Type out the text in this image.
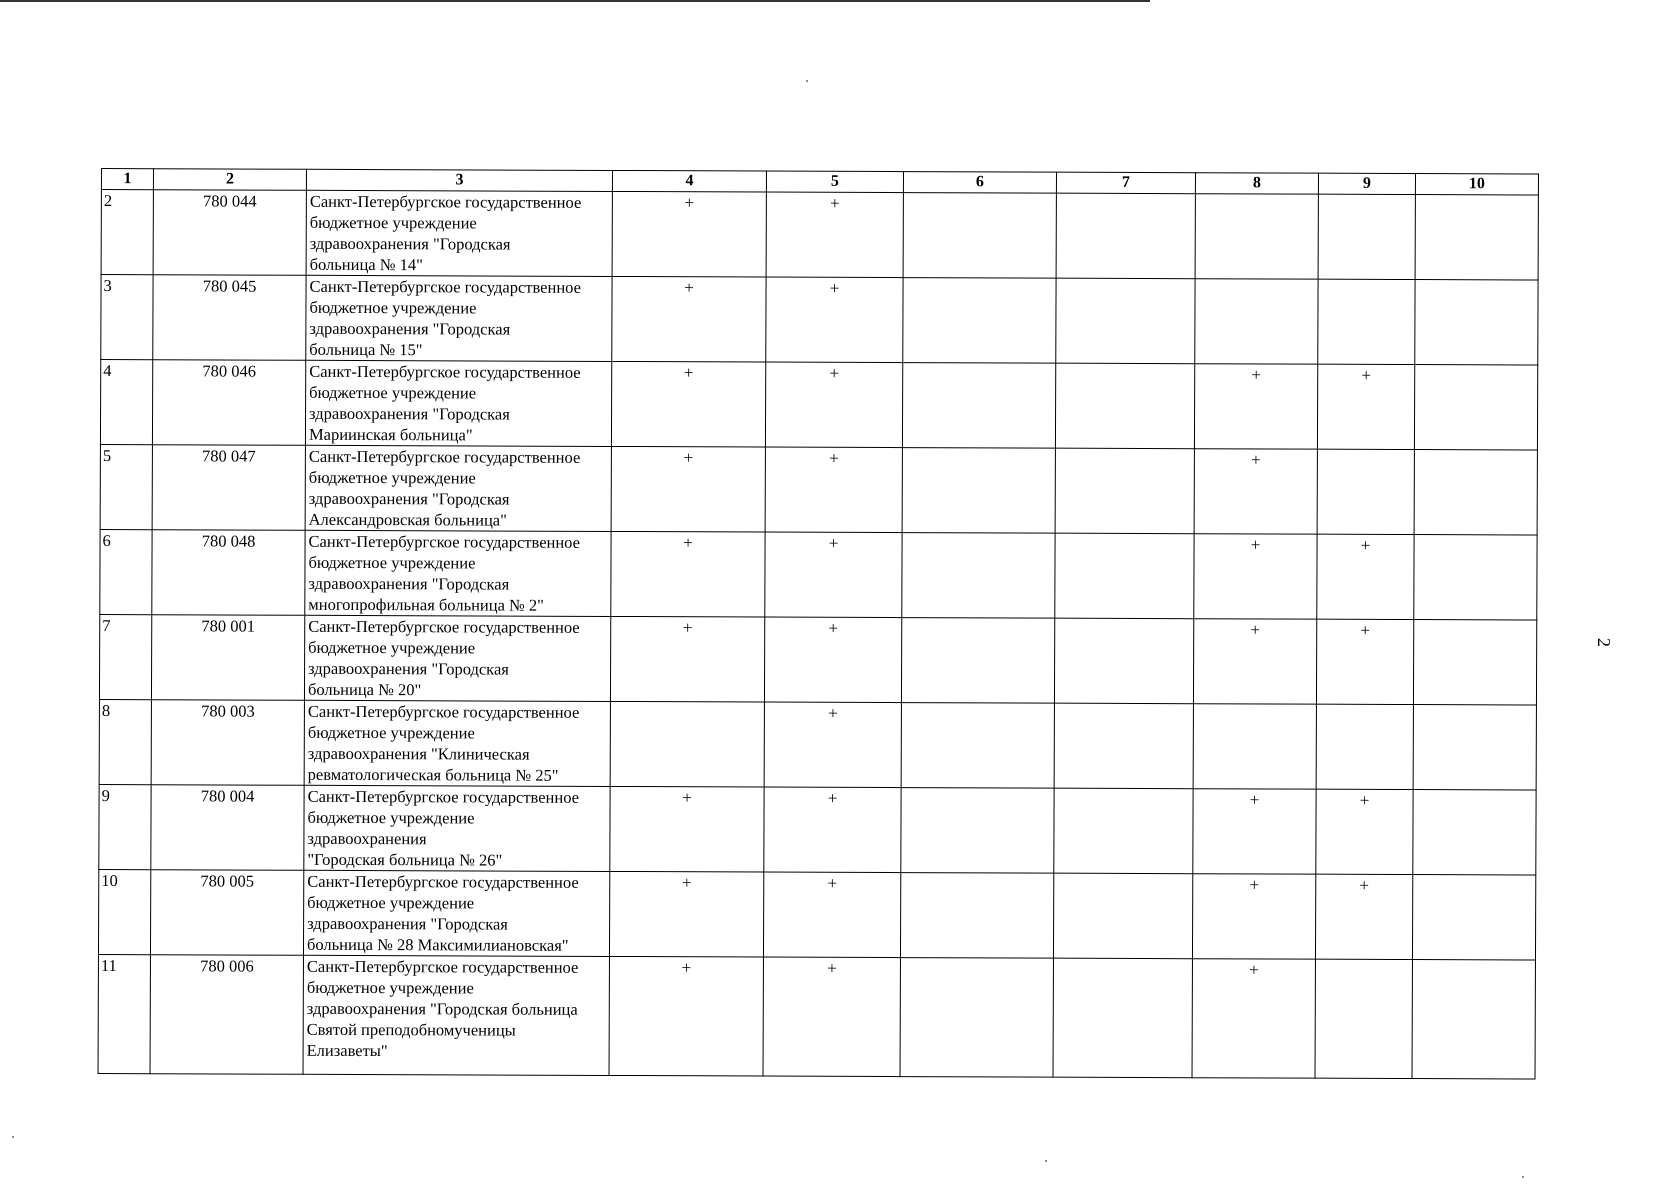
1	2	3	4	5	6	7	8	9	10
2	780 044	Санкт-Петербургское государственное
бюджетное учреждение
здравоохранения "Городская
больница № 14"	+	+					
3	780 045	Санкт-Петербургское государственное
бюджетное учреждение
здравоохранения "Городская
больница № 15"	+	+					
4	780 046	Санкт-Петербургское государственное
бюджетное учреждение
здравоохранения "Городская
Мариинская больница"	+	+			+	+	
5	780 047	Санкт-Петербургское государственное
бюджетное учреждение
здравоохранения "Городская
Александровская больница"	+	+			+		
6	780 048	Санкт-Петербургское государственное
бюджетное учреждение
здравоохранения "Городская
многопрофильная больница № 2"	+	+			+	+	
7	780 001	Санкт-Петербургское государственное
бюджетное учреждение
здравоохранения "Городская
больница № 20"	+	+			+	+	
8	780 003	Санкт-Петербургское государственное
бюджетное учреждение
здравоохранения "Клиническая
ревматологическая больница № 25"		+					
9	780 004	Санкт-Петербургское государственное
бюджетное учреждение
здравоохранения
"Городская больница № 26"	+	+			+	+	
10	780 005	Санкт-Петербургское государственное
бюджетное учреждение
здравоохранения "Городская
больница № 28 Максимилиановская"	+	+			+	+	
11	780 006	Санкт-Петербургское государственное
бюджетное учреждение
здравоохранения "Городская больница
Святой преподобномученицы
Елизаветы"	+	+			+		
2
